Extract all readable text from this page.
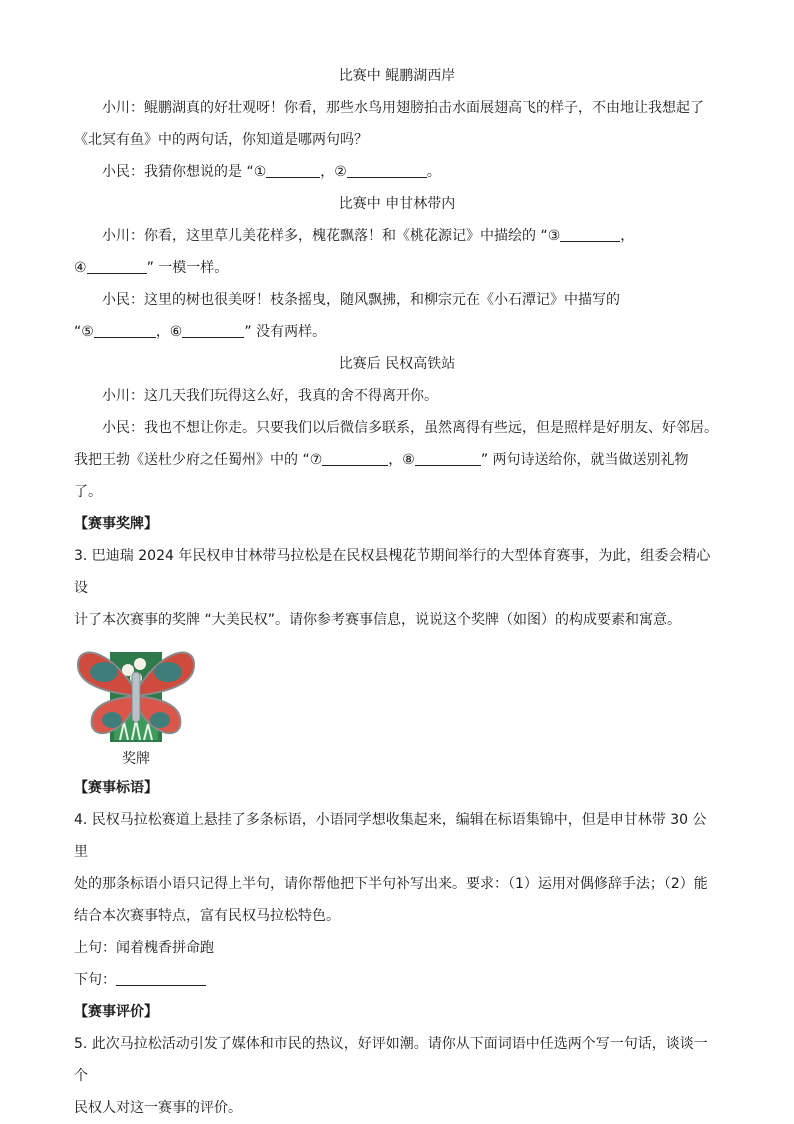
比赛中 鲲鹏湖西岸

小川：鲲鹏湖真的好壮观呀！你看，那些水鸟用翅膀拍击水面展翅高飞的样子，不由地让我想起了

《北冥有鱼》中的两句话，你知道是哪两句吗？

小民：我猜你想说的是 “①	，②	。

比赛中 申甘林带内

小川：你看，这里草儿美花样多，槐花飘落！和《桃花源记》中描绘的 “③	，

④	” 一模一样。

小民：这里的树也很美呀！枝条摇曳，随风飘拂，和柳宗元在《小石潭记》中描写的

“⑤	，⑥	” 没有两样。

比赛后 民权高铁站

小川：这几天我们玩得这么好，我真的舍不得离开你。

小民：我也不想让你走。只要我们以后微信多联系，虽然离得有些远，但是照样是好朋友、好邻居。

我把王勃《送杜少府之任蜀州》中的 “⑦	，⑧	” 两句诗送给你，就当做送别礼物

了。

【赛事奖牌】

3. 巴迪瑞 2024 年民权申甘林带马拉松是在民权县槐花节期间举行的大型体育赛事，为此，组委会精心设

计了本次赛事的奖牌 “大美民权”。请你参考赛事信息，说说这个奖牌（如图）的构成要素和寓意。

奖牌

【赛事标语】

4. 民权马拉松赛道上悬挂了多条标语，小语同学想收集起来，编辑在标语集锦中，但是申甘林带 30 公里

处的那条标语小语只记得上半句，请你帮他把下半句补写出来。要求：（1）运用对偶修辞手法；（2）能

结合本次赛事特点，富有民权马拉松特色。

上句：闻着槐香拼命跑

下句：

【赛事评价】

5. 此次马拉松活动引发了媒体和市民的热议，好评如潮。请你从下面词语中任选两个写一句话，谈谈一个

民权人对这一赛事的评价。
